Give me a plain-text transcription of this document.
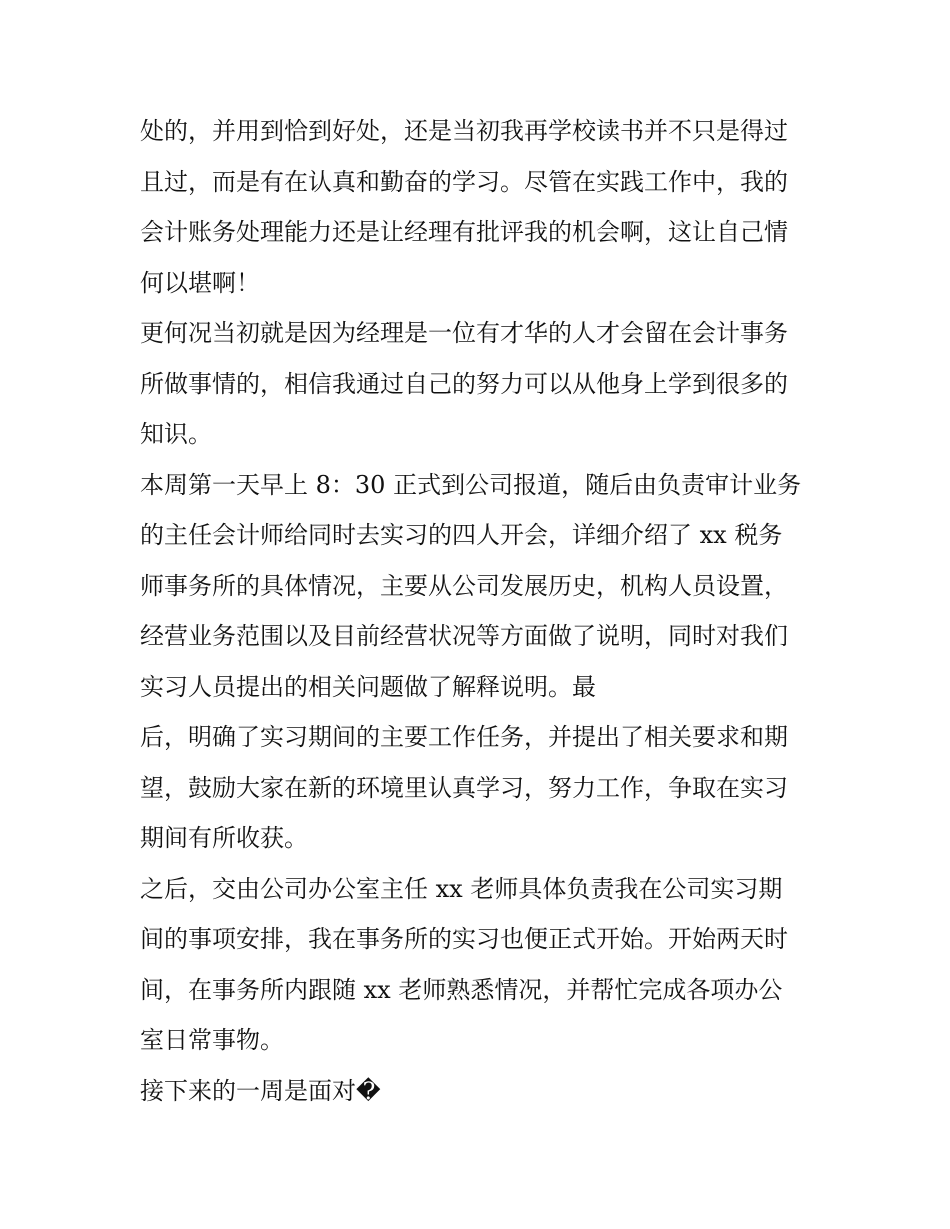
处的，并用到恰到好处，还是当初我再学校读书并不只是得过
且过，而是有在认真和勤奋的学习。尽管在实践工作中，我的
会计账务处理能力还是让经理有批评我的机会啊，这让自己情
何以堪啊！

更何况当初就是因为经理是一位有才华的人才会留在会计事务
所做事情的，相信我通过自己的努力可以从他身上学到很多的
知识。

本周第一天早上 8：30 正式到公司报道，随后由负责审计业务
的主任会计师给同时去实习的四人开会，详细介绍了 xx 税务
师事务所的具体情况，主要从公司发展历史，机构人员设置，
经营业务范围以及目前经营状况等方面做了说明，同时对我们
实习人员提出的相关问题做了解释说明。最

后，明确了实习期间的主要工作任务，并提出了相关要求和期
望，鼓励大家在新的环境里认真学习，努力工作，争取在实习
期间有所收获。

之后，交由公司办公室主任 xx 老师具体负责我在公司实习期
间的事项安排，我在事务所的实习也便正式开始。开始两天时
间，在事务所内跟随 xx 老师熟悉情况，并帮忙完成各项办公
室日常事物。

接下来的一周是面对�
